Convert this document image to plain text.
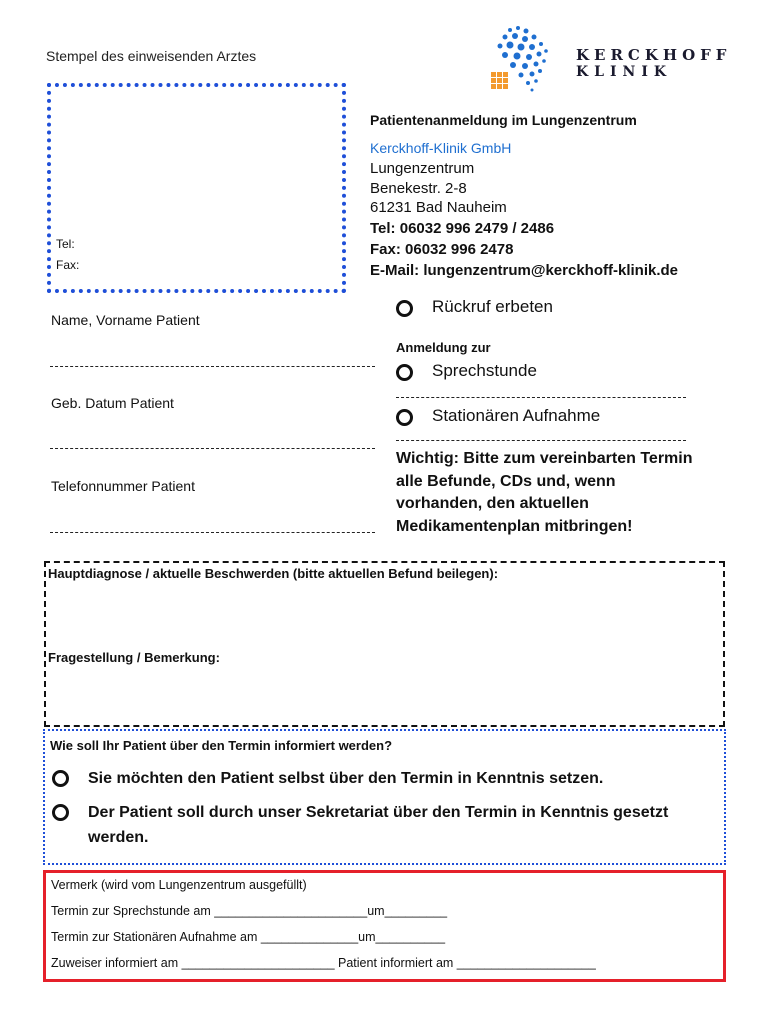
Stempel des einweisenden Arztes
Tel:
Fax:
KERCKHOFF
KLINIK
Patientenanmeldung im Lungenzentrum
Kerckhoff-Klinik GmbH
Lungenzentrum
Benekestr. 2-8
61231 Bad Nauheim
Tel: 06032 996 2479 / 2486
Fax: 06032 996 2478
E-Mail: lungenzentrum@kerckhoff-klinik.de
Name, Vorname Patient
Geb. Datum Patient
Telefonnummer Patient
Rückruf erbeten
Anmeldung zur
Sprechstunde
Stationären Aufnahme
Wichtig: Bitte zum vereinbarten Termin alle Befunde, CDs und, wenn vorhanden, den aktuellen Medikamentenplan mitbringen!
Hauptdiagnose / aktuelle Beschwerden (bitte aktuellen Befund beilegen):
Fragestellung / Bemerkung:
Wie soll Ihr Patient über den Termin informiert werden?
Sie möchten den Patient selbst über den Termin in Kenntnis setzen.
Der Patient soll durch unser Sekretariat über den Termin in Kenntnis gesetzt werden.
Vermerk (wird vom Lungenzentrum ausgefüllt)
Termin zur Sprechstunde am ______________________um_________
Termin zur Stationären Aufnahme am ______________um__________
Zuweiser informiert am ______________________ Patient informiert am ____________________
